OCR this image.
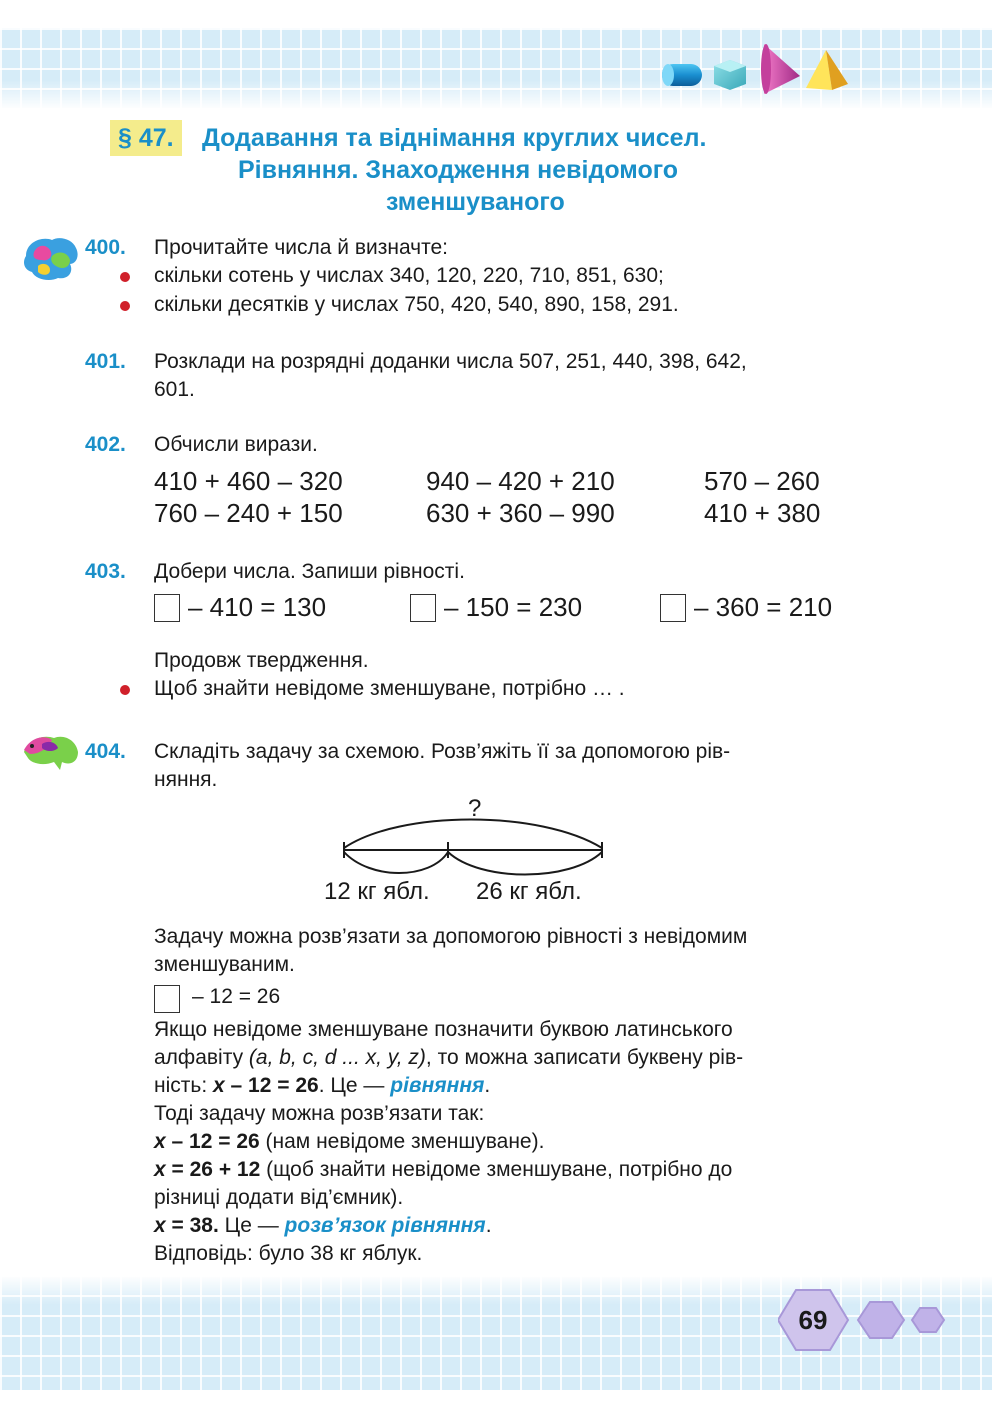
§ 47.	Додавання та віднімання круглих чисел.
Рівняння. Знаходження невідомого
зменшуваного
400. Прочитайте числа й визначте:
скільки сотень у числах 340, 120, 220, 710, 851, 630;
скільки десятків у числах 750, 420, 540, 890, 158, 291.
401. Розклади на розрядні доданки числа 507, 251, 440, 398, 642,
601.
402. Обчисли вирази.
410 + 460 – 320	940 – 420 + 210	570 – 260
760 – 240 + 150	630 + 360 – 990	410 + 380
403. Добери числа. Запиши рівності.
– 410 = 130	– 150 = 230	– 360 = 210
Продовж твердження.
Щоб знайти невідоме зменшуване, потрібно … .
404. Складіть задачу за схемою. Розв’яжіть її за допомогою рів-
няння.
?
12 кг ябл. 26 кг ябл.
Задачу можна розв’язати за допомогою рівності з невідомим
зменшуваним.
– 12 = 26
Якщо невідоме зменшуване позначити буквою латинського
алфавіту (a, b, c, d ... x, y, z), то можна записати буквену рів-
ність: x – 12 = 26. Це — рівняння.
Тоді задачу можна розв’язати так:
x – 12 = 26 (нам невідоме зменшуване).
x = 26 + 12 (щоб знайти невідоме зменшуване, потрібно до
різниці додати від’ємник).
x = 38. Це — розв’язок рівняння.
Відповідь: було 38 кг яблук.
69
